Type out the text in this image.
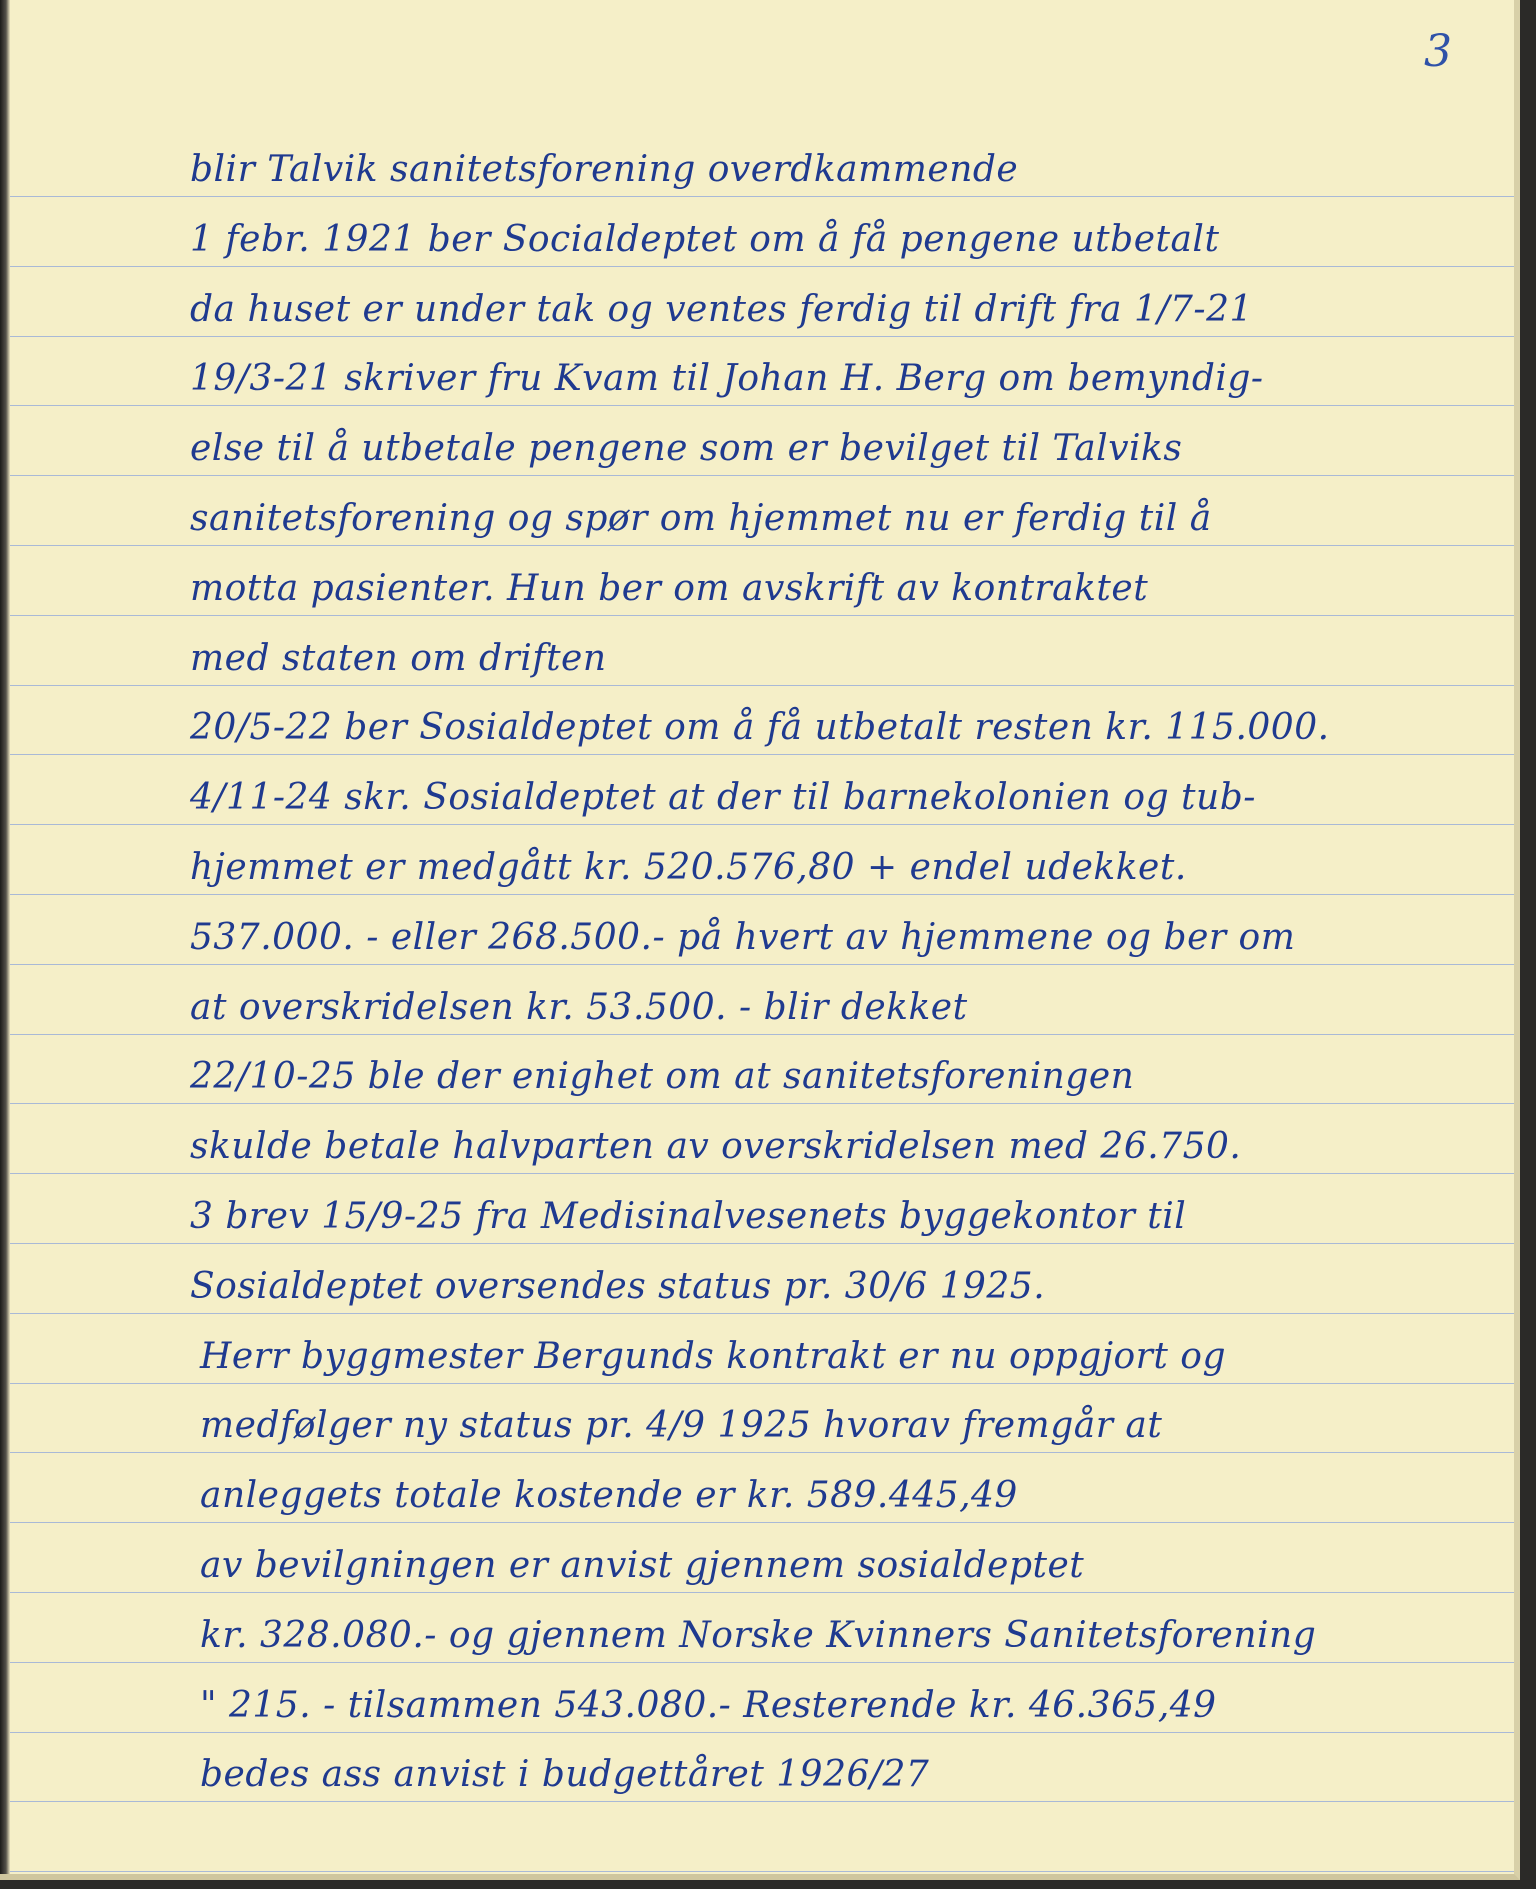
3
blir Talvik sanitetsforening overdkammende
1 febr. 1921 ber Socialdeptet om å få pengene utbetalt
da huset er under tak og ventes ferdig til drift fra 1/7-21
19/3-21 skriver fru Kvam til Johan H. Berg om bemyndig-
else til å utbetale pengene som er bevilget til Talviks
sanitetsforening og spør om hjemmet nu er ferdig til å
motta pasienter. Hun ber om avskrift av kontraktet
med staten om driften
20/5-22 ber Sosialdeptet om å få utbetalt resten kr. 115.000.
4/11-24 skr. Sosialdeptet at der til barnekolonien og tub-
hjemmet er medgått kr. 520.576,80 + endel udekket.
537.000. - eller 268.500.- på hvert av hjemmene og ber om
at overskridelsen kr. 53.500. - blir dekket
22/10-25 ble der enighet om at sanitetsforeningen
skulde betale halvparten av overskridelsen med 26.750.
3 brev 15/9-25 fra Medisinalvesenets byggekontor til
Sosialdeptet oversendes status pr. 30/6 1925.
Herr byggmester Bergunds kontrakt er nu oppgjort og
medfølger ny status pr. 4/9 1925 hvorav fremgår at
anleggets totale kostende er kr. 589.445,49
av bevilgningen er anvist gjennem sosialdeptet
kr. 328.080.- og gjennem Norske Kvinners Sanitetsforening
" 215. - tilsammen 543.080.- Resterende kr. 46.365,49
bedes ass anvist i budgettåret 1926/27
